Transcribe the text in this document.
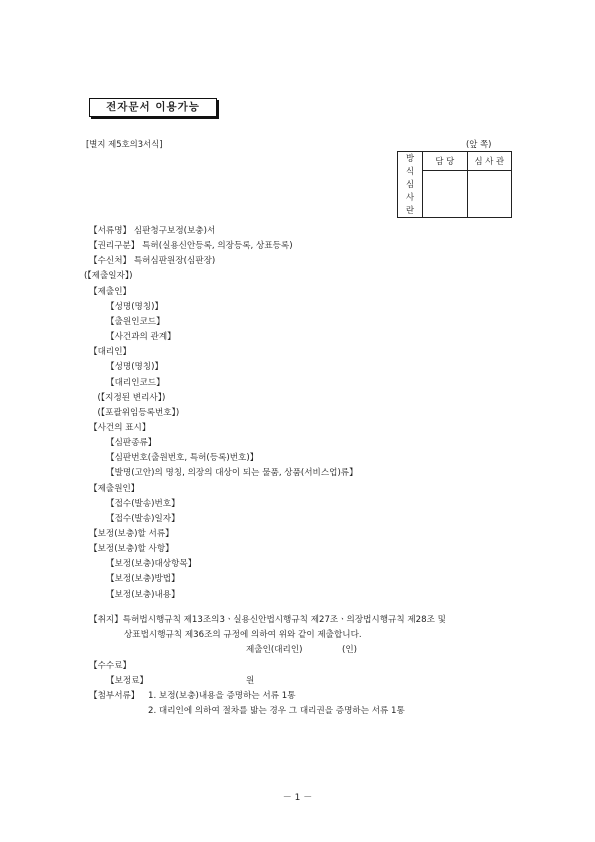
전자문서 이용가능
[별지 제5호의3서식]	(앞 쪽)
방
식
심
사
란	담 당	심 사 관

【서류명】 심판청구보정(보충)서
【권리구분】 특허(실용신안등록, 의장등록, 상표등록)
【수신처】 특허심판원장(심판장)
(【제출일자】)
【제출인】
【성명(명칭)】
【출원인코드】
【사건과의 관계】
【대리인】
【성명(명칭)】
【대리인코드】
(【지정된 변리사】)
(【포괄위임등록번호】)
【사건의 표시】
【심판종류】
【심판번호(출원번호, 특허(등록)번호)】
【발명(고안)의 명칭, 의장의 대상이 되는 물품, 상품(서비스업)류】
【제출원인】
【접수(발송)번호】
【접수(발송)일자】
【보정(보충)할 서류】
【보정(보충)할 사항】
【보정(보충)대상항목】
【보정(보충)방법】
【보정(보충)내용】
【취지】특허법시행규칙 제13조의3ㆍ실용신안법시행규칙 제27조ㆍ의장법시행규칙 제28조 및
상표법시행규칙 제36조의 규정에 의하여 위와 같이 제출합니다.
제출인(대리인)	(인)
【수수료】
【보정료】	원
【첨부서류】 1. 보정(보충)내용을 증명하는 서류 1통
2. 대리인에 의하여 절차를 밟는 경우 그 대리권을 증명하는 서류 1통
－ 1 －
